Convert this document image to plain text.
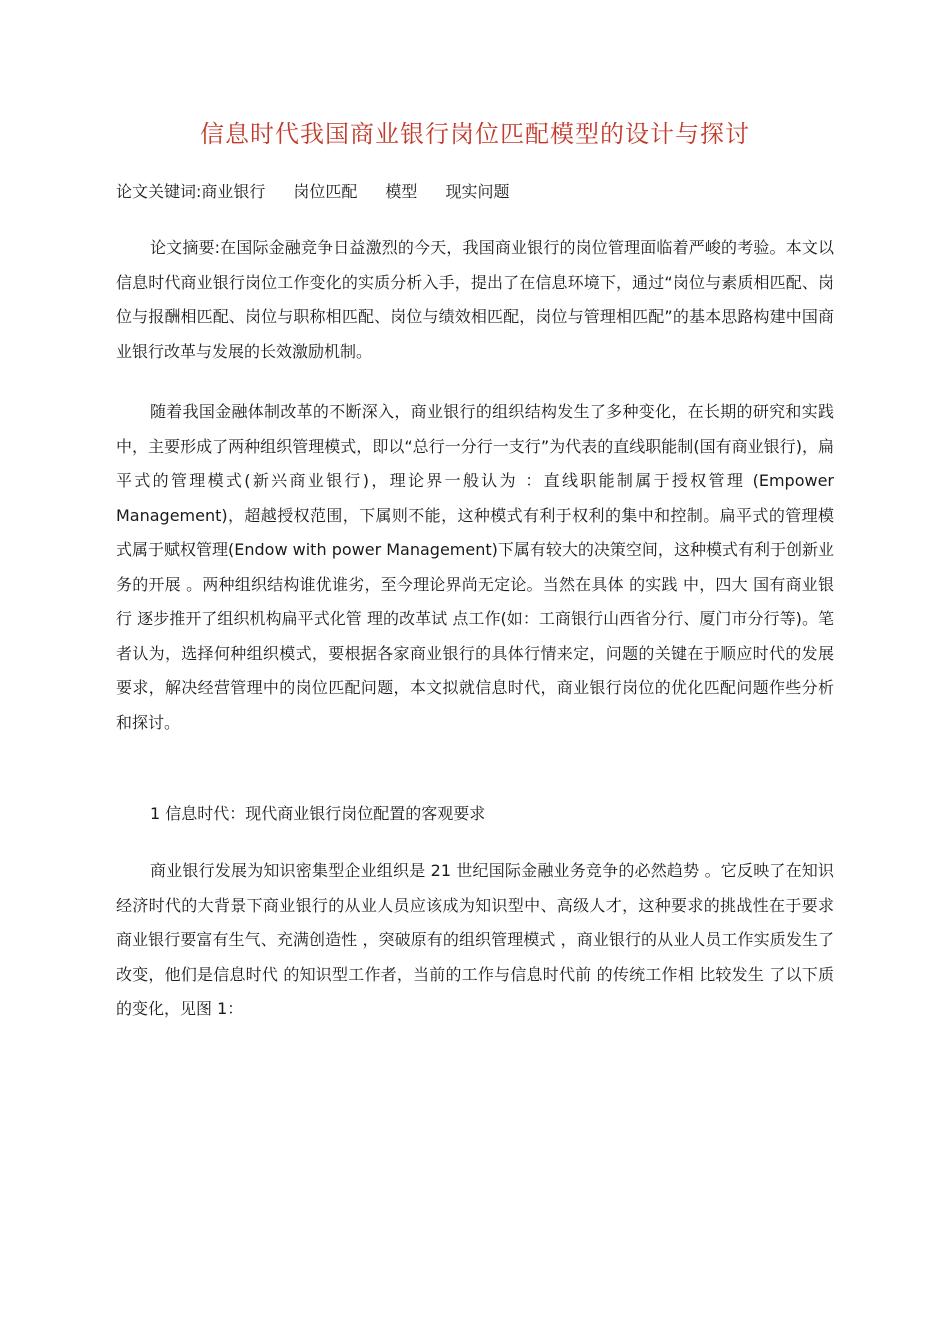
信息时代我国商业银行岗位匹配模型的设计与探讨
论文关键词:商业银行 岗位匹配 模型 现实问题

论文摘要:在国际金融竞争日益激烈的今天，我国商业银行的岗位管理面临着严峻的考验。本文以信息时代商业银行岗位工作变化的实质分析入手，提出了在信息环境下，通过“岗位与素质相匹配、岗位与报酬相匹配、岗位与职称相匹配、岗位与绩效相匹配，岗位与管理相匹配”的基本思路构建中国商业银行改革与发展的长效激励机制。

随着我国金融体制改革的不断深入，商业银行的组织结构发生了多种变化，在长期的研究和实践中，主要形成了两种组织管理模式，即以“总行一分行一支行”为代表的直线职能制(国有商业银行)，扁平式的管理模式(新兴商业银行)，理论界一般认为 ：直线职能制属于授权管理 (Empower Management)，超越授权范围，下属则不能，这种模式有利于权利的集中和控制。扁平式的管理模式属于赋权管理(Endow with power Management)下属有较大的决策空间，这种模式有利于创新业 务的开展 。两种组织结构谁优谁劣，至今理论界尚无定论。当然在具体 的实践 中，四大 国有商业银行 逐步推开了组织机构扁平式化管 理的改革试 点工作(如：工商银行山西省分行、厦门市分行等)。笔者认为，选择何种组织模式，要根据各家商业银行的具体行情来定，问题的关键在于顺应时代的发展要求，解决经营管理中的岗位匹配问题，本文拟就信息时代，商业银行岗位的优化匹配问题作些分析和探讨。

1 信息时代：现代商业银行岗位配置的客观要求

商业银行发展为知识密集型企业组织是 21 世纪国际金融业务竞争的必然趋势 。它反映了在知识经济时代的大背景下商业银行的从业人员应该成为知识型中、高级人才，这种要求的挑战性在于要求商业银行要富有生气、充满创造性 ，突破原有的组织管理模式 ，商业银行的从业人员工作实质发生了改变，他们是信息时代 的知识型工作者，当前的工作与信息时代前 的传统工作相 比较发生 了以下质的变化，见图 1：
